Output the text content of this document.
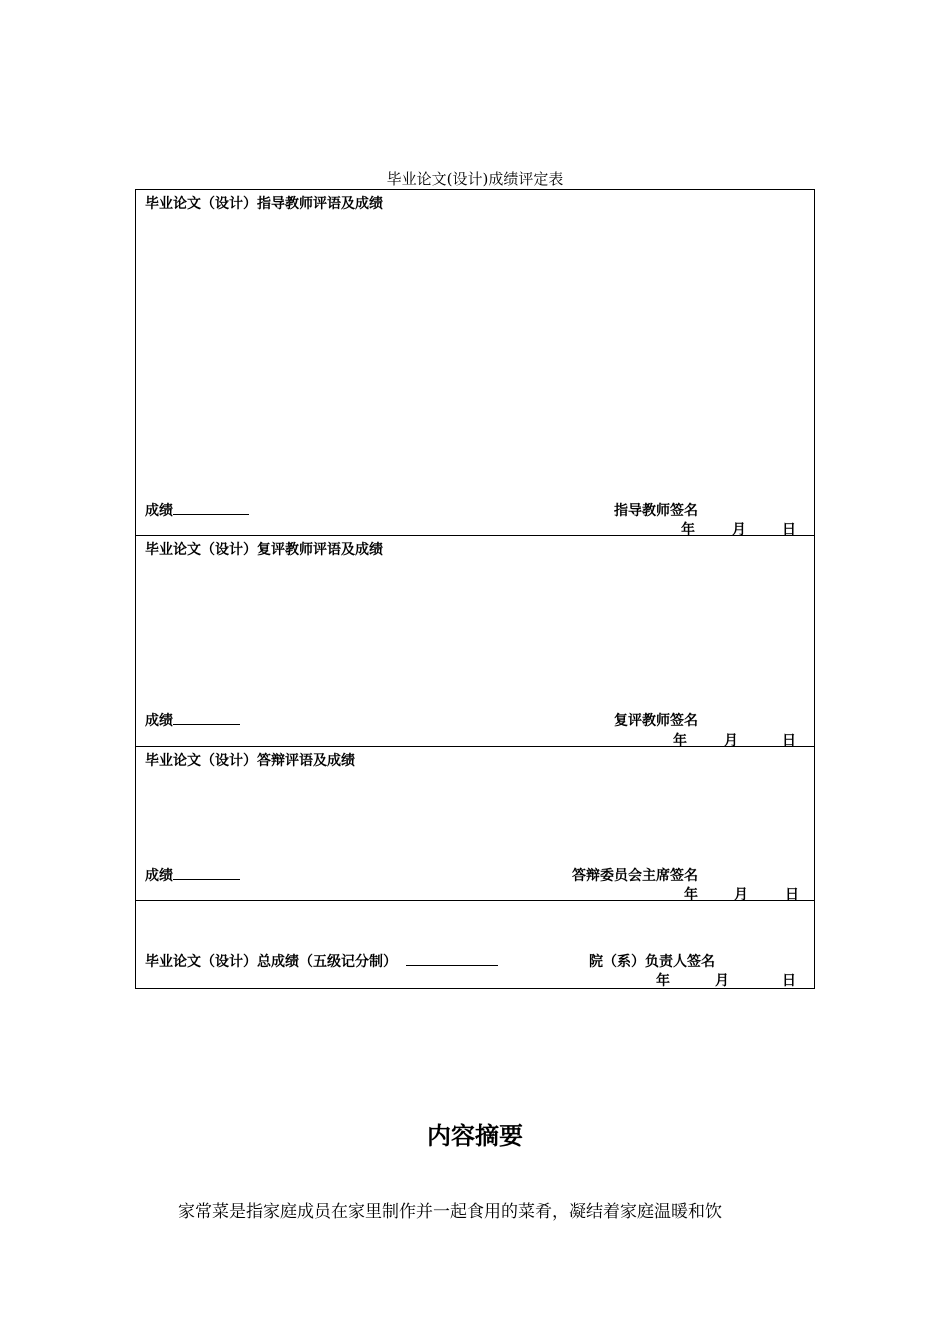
毕业论文(设计)成绩评定表
毕业论文（设计）指导教师评语及成绩
成绩	指导教师签名
年	月	日
毕业论文（设计）复评教师评语及成绩
成绩	复评教师签名
年	月	日
毕业论文（设计）答辩评语及成绩
成绩	答辩委员会主席签名
年	月	日
毕业论文（设计）总成绩（五级记分制）	院（系）负责人签名
年	月	日
内容摘要
家常菜是指家庭成员在家里制作并一起食用的菜肴，凝结着家庭温暖和饮
